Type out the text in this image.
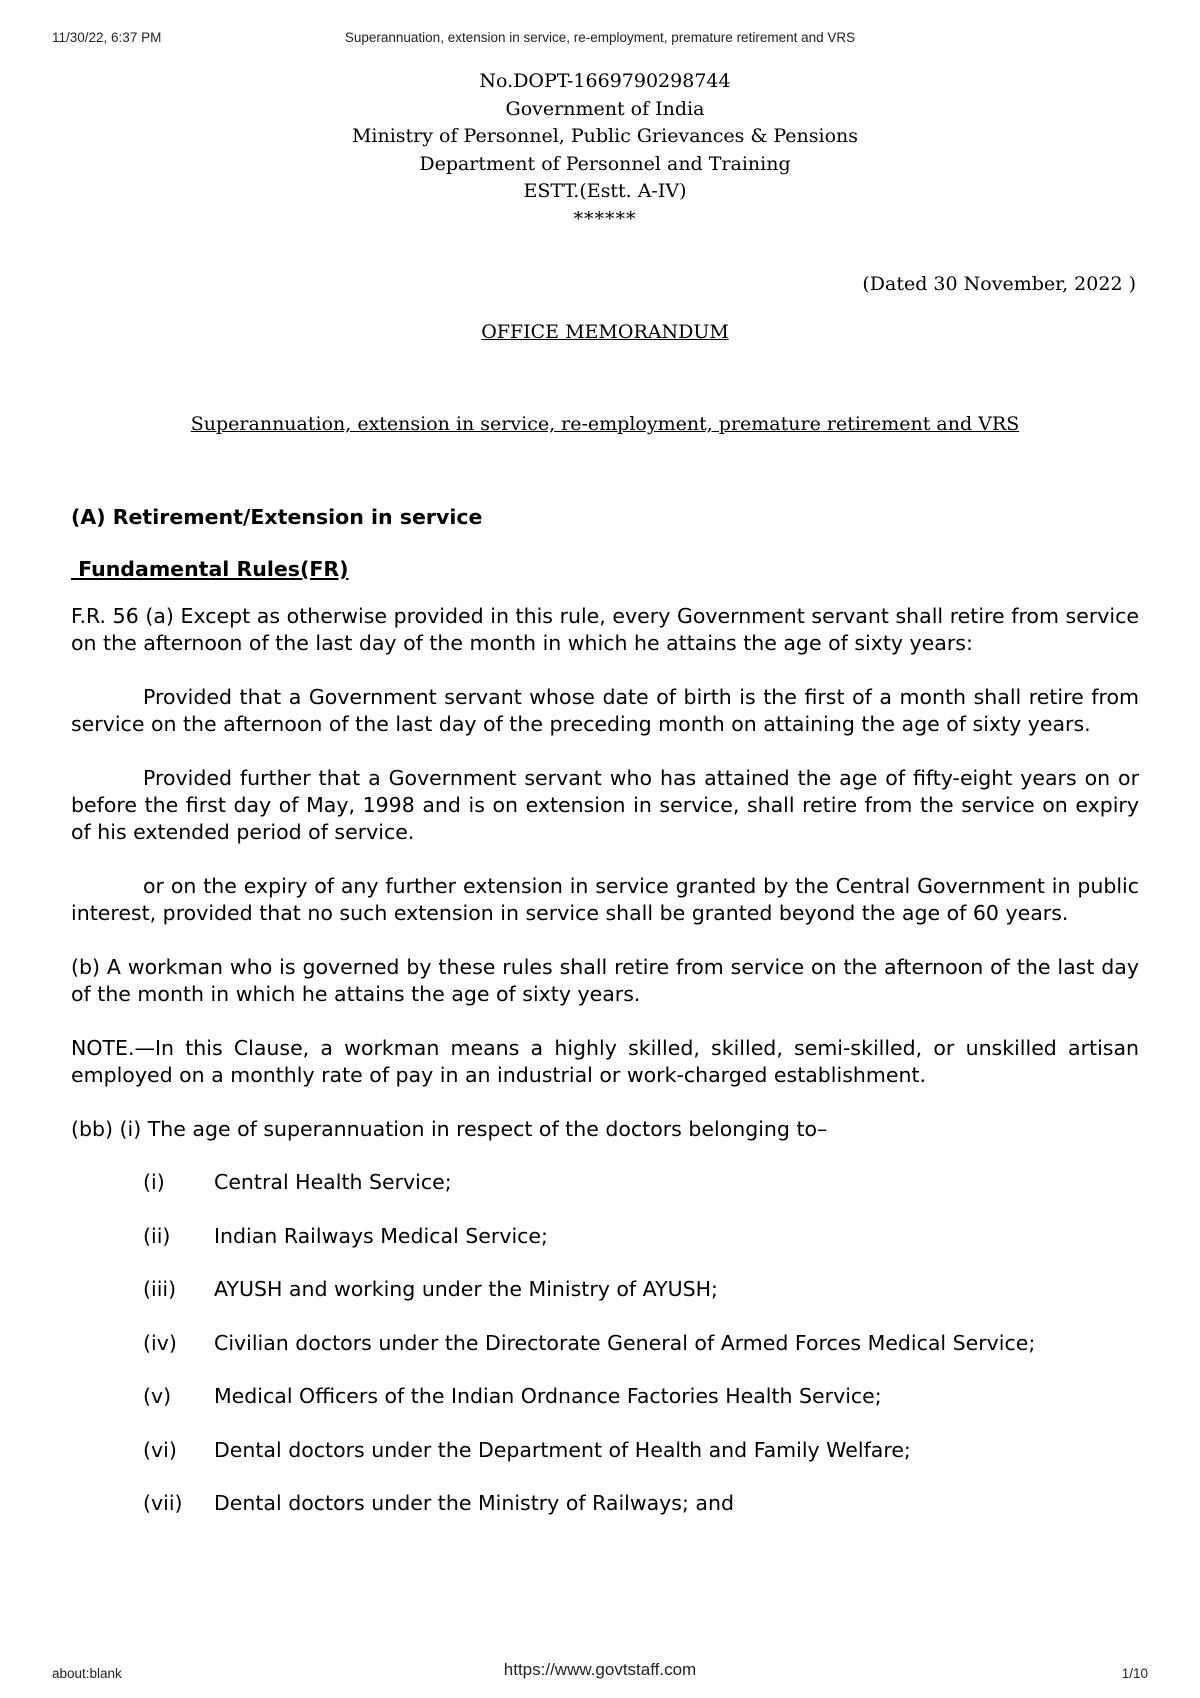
11/30/22, 6:37 PM	Superannuation, extension in service, re-employment, premature retirement and VRS
No.DOPT-1669790298744
Government of India
Ministry of Personnel, Public Grievances & Pensions
Department of Personnel and Training
ESTT.(Estt. A-IV)
******
(Dated 30 November, 2022 )
OFFICE MEMORANDUM
Superannuation, extension in service, re-employment, premature retirement and VRS
(A) Retirement/Extension in service
Fundamental Rules(FR)

F.R. 56 (a) Except as otherwise provided in this rule, every Government servant shall retire from service on the afternoon of the last day of the month in which he attains the age of sixty years:

Provided that a Government servant whose date of birth is the first of a month shall retire from service on the afternoon of the last day of the preceding month on attaining the age of sixty years.

Provided further that a Government servant who has attained the age of fifty-eight years on or before the first day of May, 1998 and is on extension in service, shall retire from the service on expiry of his extended period of service.

or on the expiry of any further extension in service granted by the Central Government in public interest, provided that no such extension in service shall be granted beyond the age of 60 years.

(b) A workman who is governed by these rules shall retire from service on the afternoon of the last day of the month in which he attains the age of sixty years.

NOTE.—In this Clause, a workman means a highly skilled, skilled, semi-skilled, or unskilled artisan employed on a monthly rate of pay in an industrial or work-charged establishment.

(bb) (i) The age of superannuation in respect of the doctors belonging to–

(i)	Central Health Service;
(ii)	Indian Railways Medical Service;
(iii)	AYUSH and working under the Ministry of AYUSH;
(iv)	Civilian doctors under the Directorate General of Armed Forces Medical Service;
(v)	Medical Officers of the Indian Ordnance Factories Health Service;
(vi)	Dental doctors under the Department of Health and Family Welfare;
(vii)	Dental doctors under the Ministry of Railways; and
about:blank	https://www.govtstaff.com	1/10
